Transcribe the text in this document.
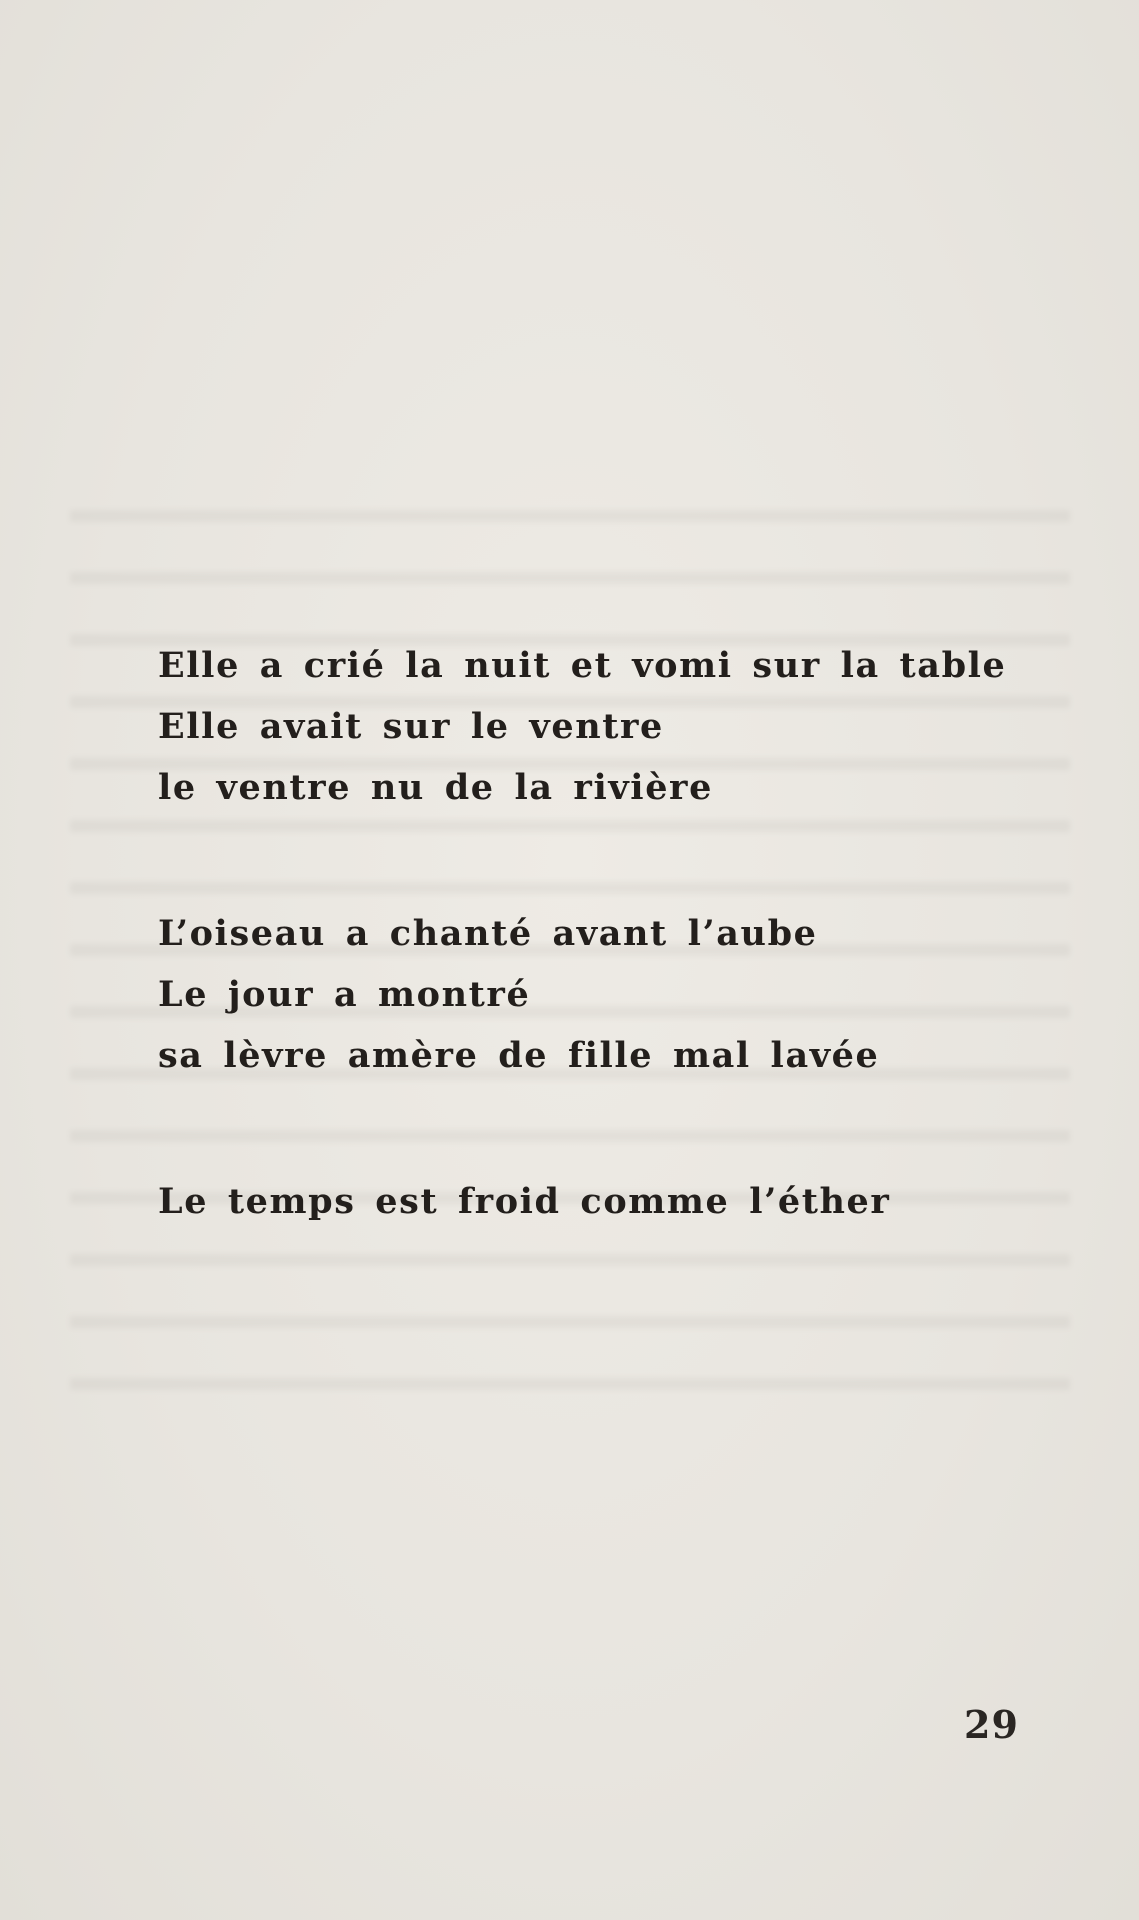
Elle a crié la nuit et vomi sur la table
Elle avait sur le ventre
le ventre nu de la rivière
L’oiseau a chanté avant l’aube
Le jour a montré
sa lèvre amère de fille mal lavée
Le temps est froid comme l’éther
29
